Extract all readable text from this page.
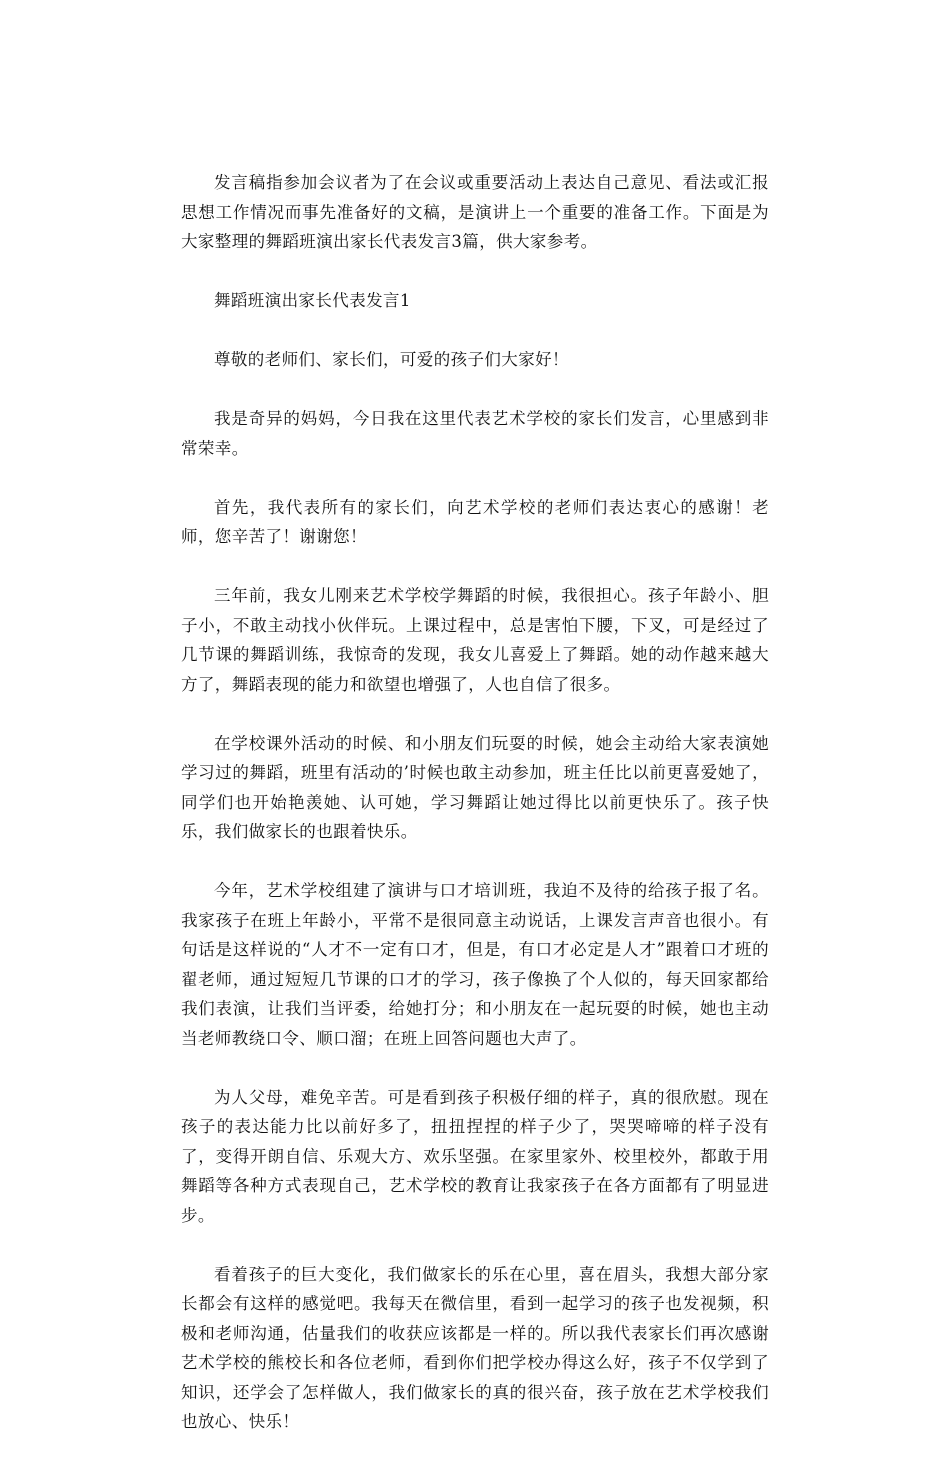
发言稿指参加会议者为了在会议或重要活动上表达自己意见、看法或汇报思想工作情况而事先准备好的文稿，是演讲上一个重要的准备工作。下面是为大家整理的舞蹈班演出家长代表发言3篇，供大家参考。

舞蹈班演出家长代表发言1

尊敬的老师们、家长们，可爱的孩子们大家好！

我是奇异的妈妈，今日我在这里代表艺术学校的家长们发言，心里感到非常荣幸。

首先，我代表所有的家长们，向艺术学校的老师们表达衷心的感谢！老师，您辛苦了！谢谢您！

三年前，我女儿刚来艺术学校学舞蹈的时候，我很担心。孩子年龄小、胆子小，不敢主动找小伙伴玩。上课过程中，总是害怕下腰，下叉，可是经过了几节课的舞蹈训练，我惊奇的发现，我女儿喜爱上了舞蹈。她的动作越来越大方了，舞蹈表现的能力和欲望也增强了，人也自信了很多。

在学校课外活动的时候、和小朋友们玩耍的时候，她会主动给大家表演她学习过的舞蹈，班里有活动的’时候也敢主动参加，班主任比以前更喜爱她了，同学们也开始艳羡她、认可她，学习舞蹈让她过得比以前更快乐了。孩子快乐，我们做家长的也跟着快乐。

今年，艺术学校组建了演讲与口才培训班，我迫不及待的给孩子报了名。我家孩子在班上年龄小，平常不是很同意主动说话，上课发言声音也很小。有句话是这样说的“人才不一定有口才，但是，有口才必定是人才”跟着口才班的翟老师，通过短短几节课的口才的学习，孩子像换了个人似的，每天回家都给我们表演，让我们当评委，给她打分；和小朋友在一起玩耍的时候，她也主动当老师教绕口令、顺口溜；在班上回答问题也大声了。

为人父母，难免辛苦。可是看到孩子积极仔细的样子，真的很欣慰。现在孩子的表达能力比以前好多了，扭扭捏捏的样子少了，哭哭啼啼的样子没有了，变得开朗自信、乐观大方、欢乐坚强。在家里家外、校里校外，都敢于用舞蹈等各种方式表现自己，艺术学校的教育让我家孩子在各方面都有了明显进步。

看着孩子的巨大变化，我们做家长的乐在心里，喜在眉头，我想大部分家长都会有这样的感觉吧。我每天在微信里，看到一起学习的孩子也发视频，积极和老师沟通，估量我们的收获应该都是一样的。所以我代表家长们再次感谢艺术学校的熊校长和各位老师，看到你们把学校办得这么好，孩子不仅学到了知识，还学会了怎样做人，我们做家长的真的很兴奋，孩子放在艺术学校我们也放心、快乐！
